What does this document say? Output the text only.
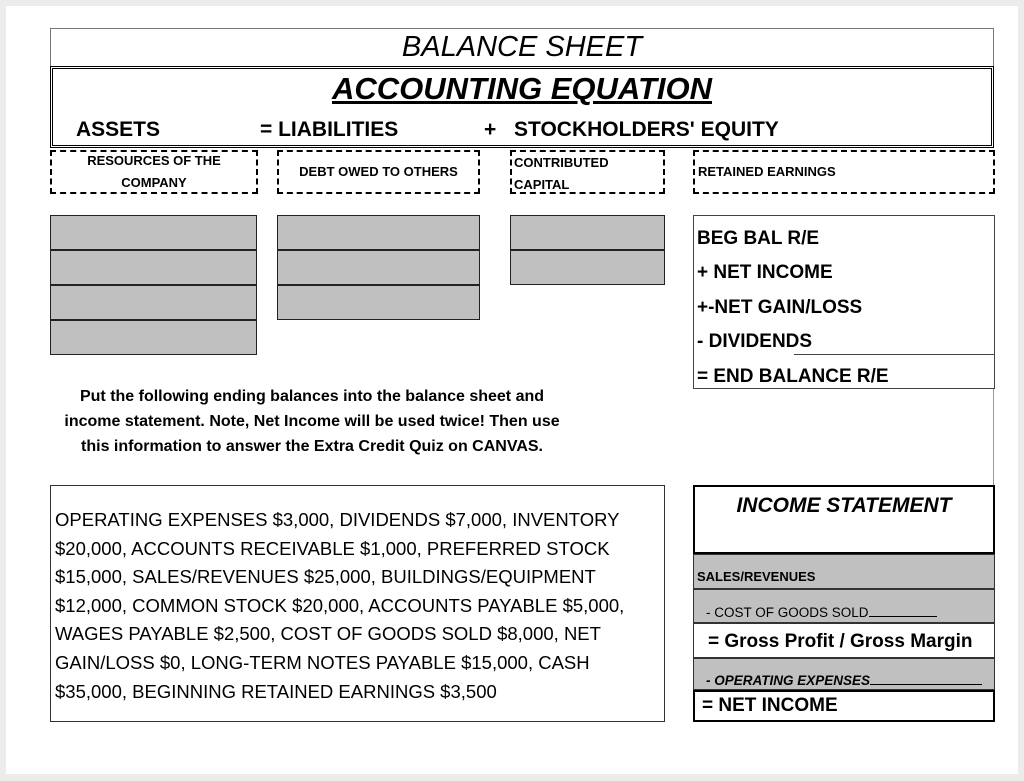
BALANCE SHEET
ACCOUNTING EQUATION
ASSETS	= LIABILITIES	+ STOCKHOLDERS' EQUITY
RESOURCES OF THE COMPANY
DEBT OWED TO OTHERS
CONTRIBUTED CAPITAL
RETAINED EARNINGS
BEG BAL R/E
+ NET INCOME
+-NET GAIN/LOSS
- DIVIDENDS
= END BALANCE R/E
Put the following ending balances into the balance sheet and income statement. Note, Net Income will be used twice! Then use this information to answer the Extra Credit Quiz on CANVAS.
OPERATING EXPENSES $3,000, DIVIDENDS $7,000, INVENTORY $20,000, ACCOUNTS RECEIVABLE $1,000, PREFERRED STOCK $15,000, SALES/REVENUES $25,000, BUILDINGS/EQUIPMENT $12,000, COMMON STOCK $20,000, ACCOUNTS PAYABLE $5,000, WAGES PAYABLE $2,500, COST OF GOODS SOLD $8,000, NET GAIN/LOSS $0, LONG-TERM NOTES PAYABLE $15,000, CASH $35,000, BEGINNING RETAINED EARNINGS $3,500
INCOME STATEMENT
SALES/REVENUES
- COST OF GOODS SOLD
= Gross Profit / Gross Margin
- OPERATING EXPENSES
= NET INCOME
